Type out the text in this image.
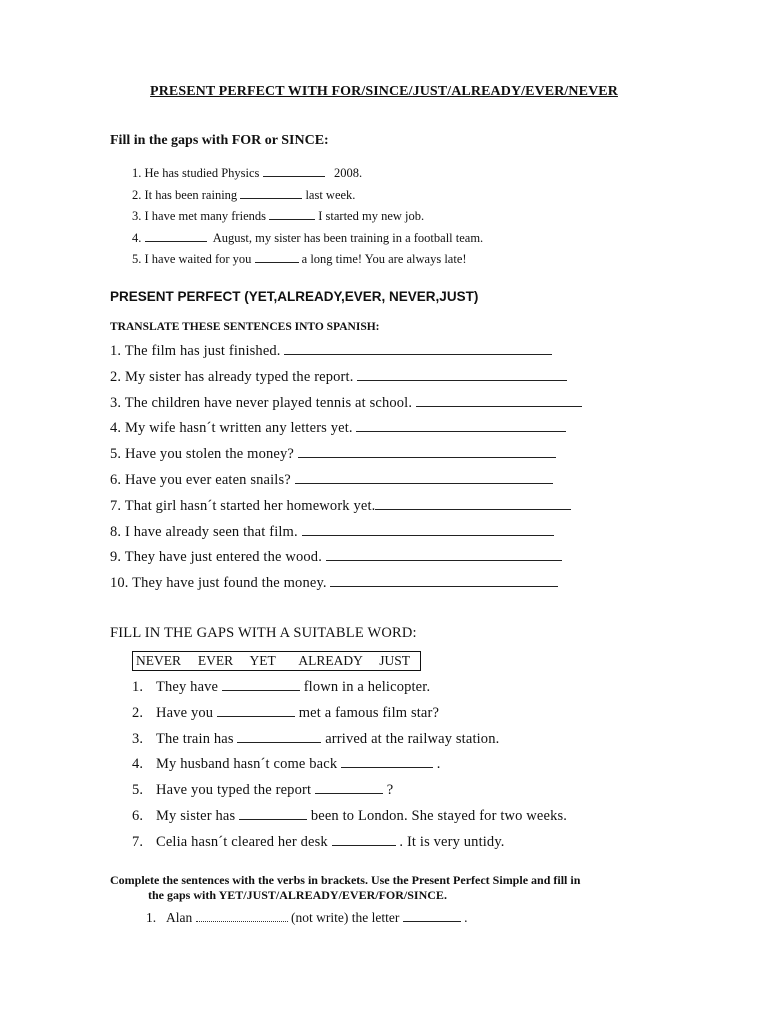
PRESENT PERFECT WITH FOR/SINCE/JUST/ALREADY/EVER/NEVER
Fill in the gaps with FOR or SINCE:
1. He has studied Physics	2008.
2. It has been raining	last week.
3. I have met many friends	I started my new job.
4.	August, my sister has been training in a football team.
5. I have waited for you	a long time! You are always late!
PRESENT PERFECT (YET,ALREADY,EVER, NEVER,JUST)
TRANSLATE THESE SENTENCES INTO SPANISH:
1. The film has just finished.
2. My sister has already typed the report.
3. The children have never played tennis at school.
4. My wife hasn´t written any letters yet.
5. Have you stolen the money?
6. Have you ever eaten snails?
7. That girl hasn´t started her homework yet.
8. I have already seen that film.
9. They have just entered the wood.
10. They have just found the money.
FILL IN THE GAPS WITH A SUITABLE WORD:
NEVER     EVER     YET       ALREADY     JUST
1. They have	flown in a helicopter.
2. Have you	met a famous film star?
3. The train has	arrived at the railway station.
4. My husband hasn´t come back	.
5. Have you typed the report	?
6. My sister has	been to London. She stayed for two weeks.
7. Celia hasn´t cleared her desk	. It is very untidy.
Complete the sentences with the verbs in brackets. Use the Present Perfect Simple and fill in
the gaps with YET/JUST/ALREADY/EVER/FOR/SINCE.
1. Alan	(not write) the letter	.
